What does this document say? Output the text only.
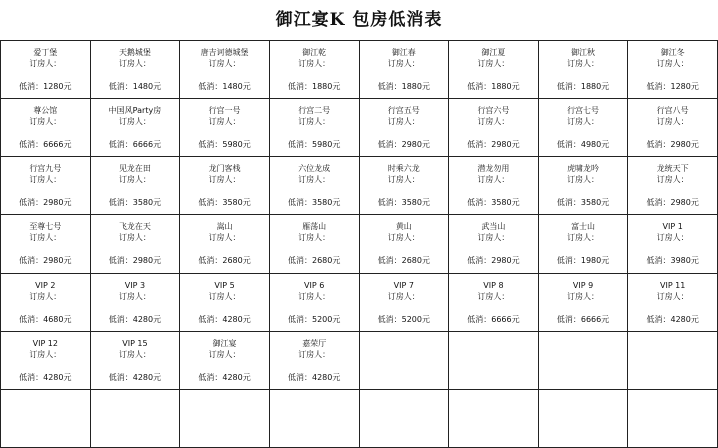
御江宴K 包房低消表
爱丁堡
订房人：
低消：1280元
天鹅城堡
订房人：
低消：1480元
唐吉诃德城堡
订房人：
低消：1480元
御江乾
订房人：
低消：1880元
御江春
订房人：
低消：1880元
御江夏
订房人：
低消：1880元
御江秋
订房人：
低消：1880元
御江冬
订房人：
低消：1280元
尊公馆
订房人：
低消：6666元
中国风Party房
订房人：
低消：6666元
行宫一号
订房人：
低消：5980元
行宫二号
订房人：
低消：5980元
行宫五号
订房人：
低消：2980元
行宫六号
订房人：
低消：2980元
行宫七号
订房人：
低消：4980元
行宫八号
订房人：
低消：2980元
行宫九号
订房人：
低消：2980元
见龙在田
订房人：
低消：3580元
龙门客栈
订房人：
低消：3580元
六位龙成
订房人：
低消：3580元
时乘六龙
订房人：
低消：3580元
潜龙勿用
订房人：
低消：3580元
虎啸龙吟
订房人：
低消：3580元
龙统天下
订房人：
低消：2980元
至尊七号
订房人：
低消：2980元
飞龙在天
订房人：
低消：2980元
嵩山
订房人：
低消：2680元
雁荡山
订房人：
低消：2680元
黄山
订房人：
低消：2680元
武当山
订房人：
低消：2980元
富士山
订房人：
低消：1980元
VIP 1
订房人：
低消：3980元
VIP 2
订房人：
低消：4680元
VIP 3
订房人：
低消：4280元
VIP 5
订房人：
低消：4280元
VIP 6
订房人：
低消：5200元
VIP 7
订房人：
低消：5200元
VIP 8
订房人：
低消：6666元
VIP 9
订房人：
低消：6666元
VIP 11
订房人：
低消：4280元
VIP 12
订房人：
低消：4280元
VIP 15
订房人：
低消：4280元
御江宴
订房人：
低消：4280元
嘉荣厅
订房人：
低消：4280元
